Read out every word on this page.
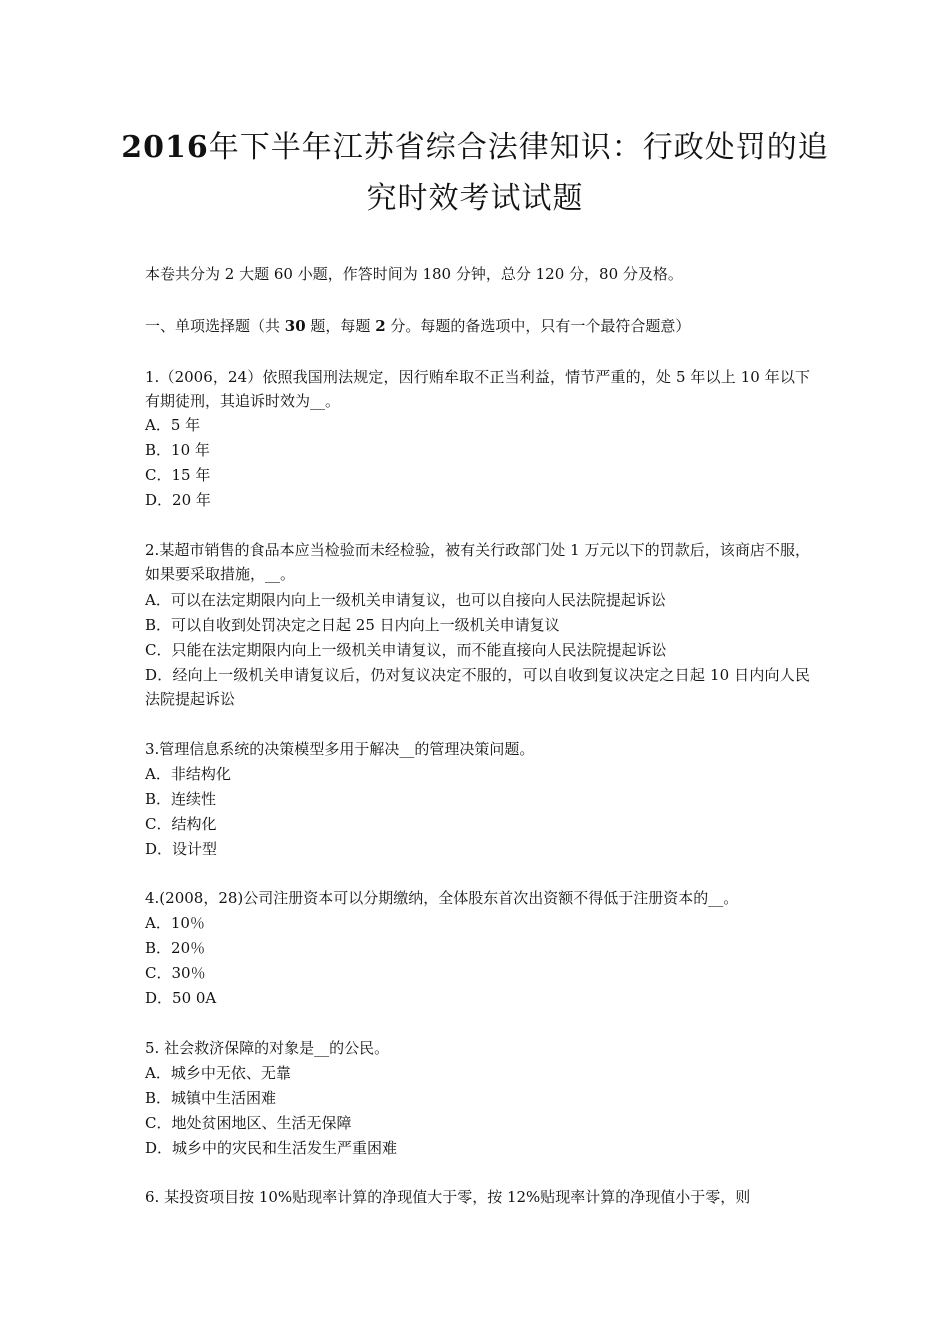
2016年下半年江苏省综合法律知识：行政处罚的追
究时效考试试题
本卷共分为 2 大题 60 小题，作答时间为 180 分钟，总分 120 分，80 分及格。
一、单项选择题（共 30 题，每题 2 分。每题的备选项中，只有一个最符合题意）
1.（2006，24）依照我国刑法规定，因行贿牟取不正当利益，情节严重的，处 5 年以上 10 年以下有期徒刑，其追诉时效为__。
A．5 年
B．10 年
C．15 年
D．20 年
2.某超市销售的食品本应当检验而未经检验，被有关行政部门处 1 万元以下的罚款后，该商店不服，如果要采取措施，__。
A．可以在法定期限内向上一级机关申请复议，也可以自接向人民法院提起诉讼
B．可以自收到处罚决定之日起 25 日内向上一级机关申请复议
C．只能在法定期限内向上一级机关申请复议，而不能直接向人民法院提起诉讼
D．经向上一级机关申请复议后，仍对复议决定不服的，可以自收到复议决定之日起 10 日内向人民法院提起诉讼
3.管理信息系统的决策模型多用于解决__的管理决策问题。
A．非结构化
B．连续性
C．结构化
D．设计型
4.(2008，28)公司注册资本可以分期缴纳，全体股东首次出资额不得低于注册资本的__。
A．10％
B．20％
C．30％
D．50 0A
5. 社会救济保障的对象是__的公民。
A．城乡中无依、无靠
B．城镇中生活困难
C．地处贫困地区、生活无保障
D．城乡中的灾民和生活发生严重困难
6. 某投资项目按 10%贴现率计算的净现值大于零，按 12%贴现率计算的净现值小于零，则
